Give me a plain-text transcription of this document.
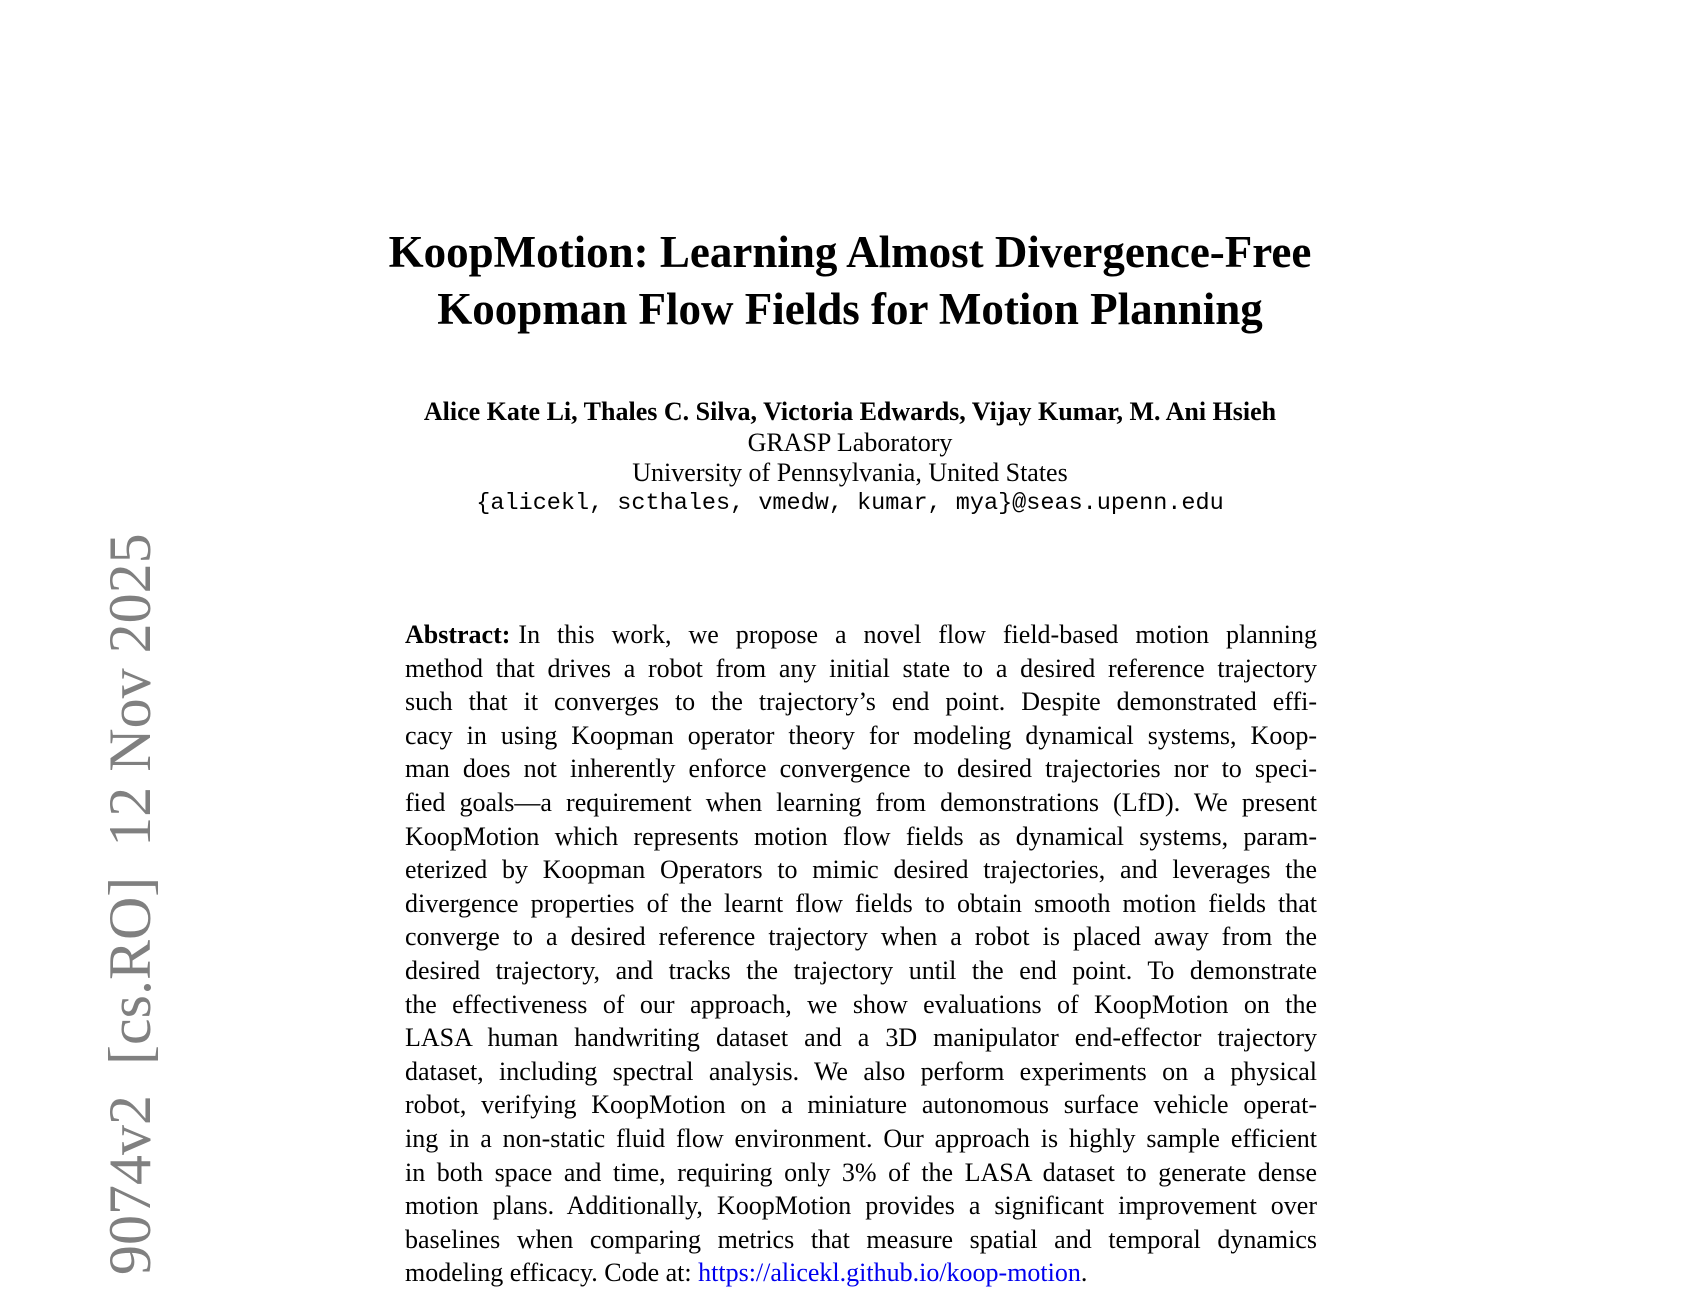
9074v2[cs.RO]12 Nov 2025
KoopMotion: Learning Almost Divergence-Free
Koopman Flow Fields for Motion Planning
Alice Kate Li, Thales C. Silva, Victoria Edwards, Vijay Kumar, M. Ani Hsieh
GRASP Laboratory
University of Pennsylvania, United States
{alicekl, scthales, vmedw, kumar, mya}@seas.upenn.edu
Abstract: In this work, we propose a novel flow field-based motion planning
method that drives a robot from any initial state to a desired reference trajectory
such that it converges to the trajectory’s end point. Despite demonstrated effi-
cacy in using Koopman operator theory for modeling dynamical systems, Koop-
man does not inherently enforce convergence to desired trajectories nor to speci-
fied goals—a requirement when learning from demonstrations (LfD). We present
KoopMotion which represents motion flow fields as dynamical systems, param-
eterized by Koopman Operators to mimic desired trajectories, and leverages the
divergence properties of the learnt flow fields to obtain smooth motion fields that
converge to a desired reference trajectory when a robot is placed away from the
desired trajectory, and tracks the trajectory until the end point. To demonstrate
the effectiveness of our approach, we show evaluations of KoopMotion on the
LASA human handwriting dataset and a 3D manipulator end-effector trajectory
dataset, including spectral analysis. We also perform experiments on a physical
robot, verifying KoopMotion on a miniature autonomous surface vehicle operat-
ing in a non-static fluid flow environment. Our approach is highly sample efficient
in both space and time, requiring only 3% of the LASA dataset to generate dense
motion plans. Additionally, KoopMotion provides a significant improvement over
baselines when comparing metrics that measure spatial and temporal dynamics
modeling efficacy. Code at: https://alicekl.github.io/koop-motion.
